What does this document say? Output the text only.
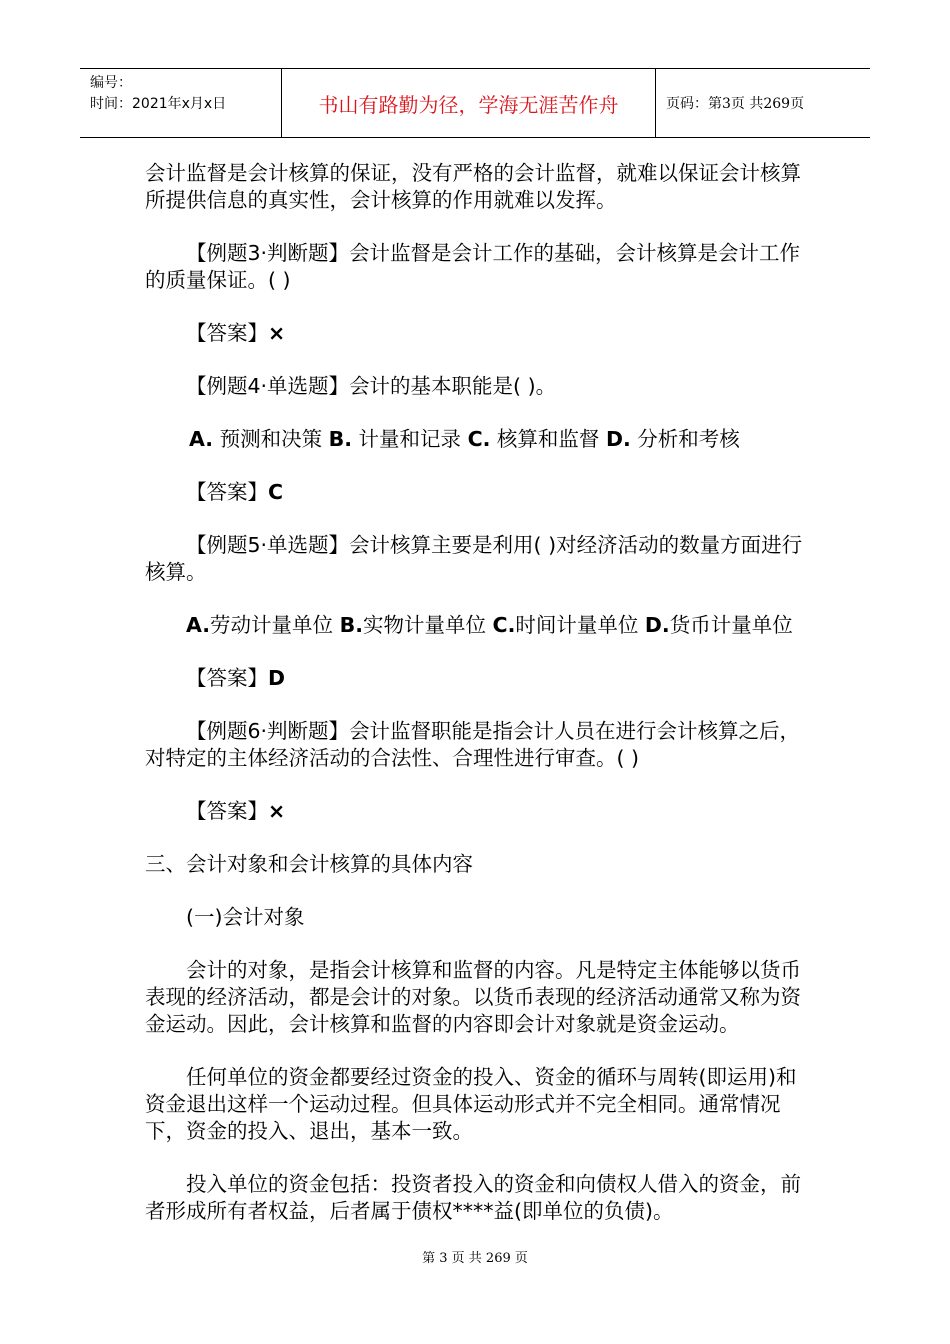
编号：
时间：2021年x月x日	书山有路勤为径，学海无涯苦作舟	页码：第3页 共269页

会计监督是会计核算的保证，没有严格的会计监督，就难以保证会计核算所提供信息的真实性，会计核算的作用就难以发挥。

【例题3·判断题】会计监督是会计工作的基础，会计核算是会计工作的质量保证。( )

【答案】×

【例题4·单选题】会计的基本职能是( )。

A. 预测和决策 B. 计量和记录 C. 核算和监督 D. 分析和考核

【答案】C

【例题5·单选题】会计核算主要是利用( )对经济活动的数量方面进行核算。

A.劳动计量单位 B.实物计量单位 C.时间计量单位 D.货币计量单位

【答案】D

【例题6·判断题】会计监督职能是指会计人员在进行会计核算之后，对特定的主体经济活动的合法性、合理性进行审查。( )

【答案】×

三、会计对象和会计核算的具体内容

(一)会计对象

会计的对象，是指会计核算和监督的内容。凡是特定主体能够以货币表现的经济活动，都是会计的对象。以货币表现的经济活动通常又称为资金运动。因此，会计核算和监督的内容即会计对象就是资金运动。

任何单位的资金都要经过资金的投入、资金的循环与周转(即运用)和资金退出这样一个运动过程。但具体运动形式并不完全相同。通常情况下，资金的投入、退出，基本一致。

投入单位的资金包括：投资者投入的资金和向债权人借入的资金，前者形成所有者权益，后者属于债权****益(即单位的负债)。

第 3 页 共 269 页
